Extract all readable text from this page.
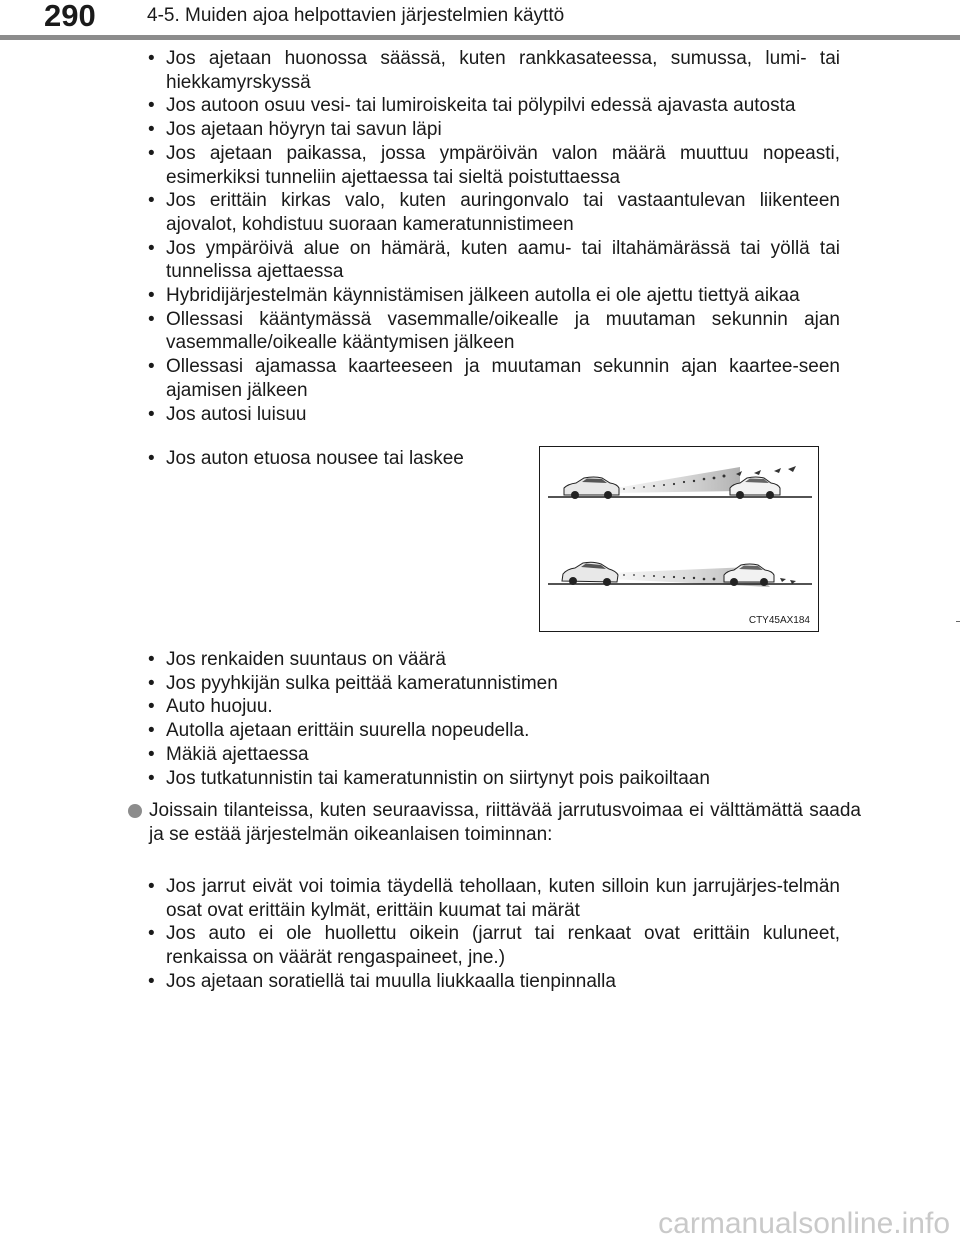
290	4-5. Muiden ajoa helpottavien järjestelmien käyttö
• Jos ajetaan huonossa säässä, kuten rankkasateessa, sumussa, lumi- tai hiekkamyrskyssä
• Jos autoon osuu vesi- tai lumiroiskeita tai pölypilvi edessä ajavasta autosta
• Jos ajetaan höyryn tai savun läpi
• Jos ajetaan paikassa, jossa ympäröivän valon määrä muuttuu nopeasti, esimerkiksi tunneliin ajettaessa tai sieltä poistuttaessa
• Jos erittäin kirkas valo, kuten auringonvalo tai vastaantulevan liikenteen ajovalot, kohdistuu suoraan kameratunnistimeen
• Jos ympäröivä alue on hämärä, kuten aamu- tai iltahämärässä tai yöllä tai tunnelissa ajettaessa
• Hybridijärjestelmän käynnistämisen jälkeen autolla ei ole ajettu tiettyä aikaa
• Ollessasi kääntymässä vasemmalle/oikealle ja muutaman sekunnin ajan vasemmalle/oikealle kääntymisen jälkeen
• Ollessasi ajamassa kaarteeseen ja muutaman sekunnin ajan kaartee-seen ajamisen jälkeen
• Jos autosi luisuu
• Jos auton etuosa nousee tai laskee
CTY45AX184
• Jos renkaiden suuntaus on väärä
• Jos pyyhkijän sulka peittää kameratunnistimen
• Auto huojuu.
• Autolla ajetaan erittäin suurella nopeudella.
• Mäkiä ajettaessa
• Jos tutkatunnistin tai kameratunnistin on siirtynyt pois paikoiltaan
Joissain tilanteissa, kuten seuraavissa, riittävää jarrutusvoimaa ei välttämättä saada ja se estää järjestelmän oikeanlaisen toiminnan:
• Jos jarrut eivät voi toimia täydellä tehollaan, kuten silloin kun jarrujärjes-telmän osat ovat erittäin kylmät, erittäin kuumat tai märät
• Jos auto ei ole huollettu oikein (jarrut tai renkaat ovat erittäin kuluneet, renkaissa on väärät rengaspaineet, jne.)
• Jos ajetaan soratiellä tai muulla liukkaalla tienpinnalla
carmanualsonline.info
